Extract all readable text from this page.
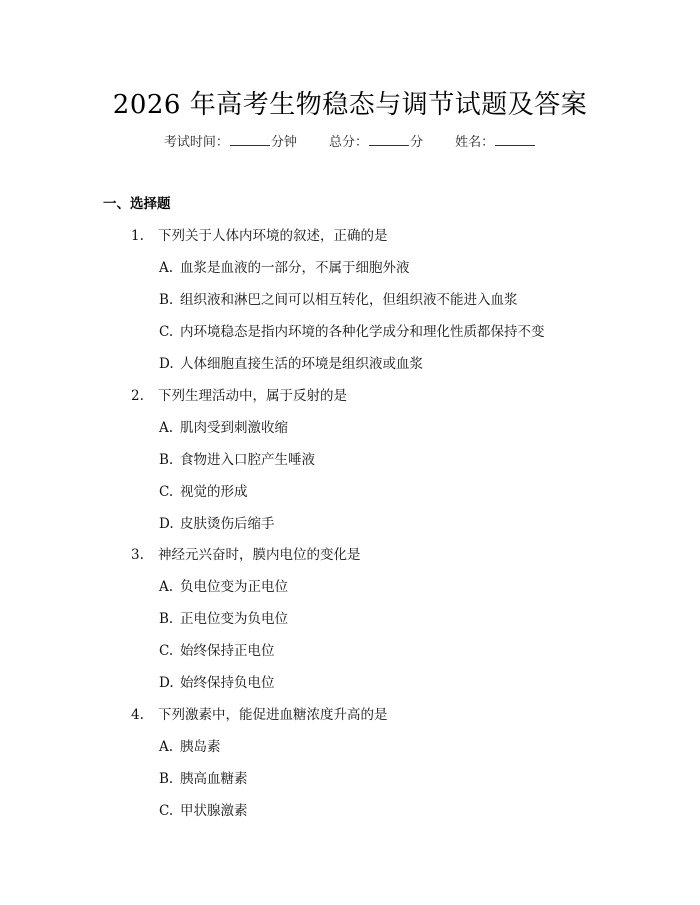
2026 年高考生物稳态与调节试题及答案
考试时间：	分钟 总分：	分 姓名：
一、选择题
1. 下列关于人体内环境的叙述，正确的是
A. 血浆是血液的一部分，不属于细胞外液
B. 组织液和淋巴之间可以相互转化，但组织液不能进入血浆
C. 内环境稳态是指内环境的各种化学成分和理化性质都保持不变
D. 人体细胞直接生活的环境是组织液或血浆
2. 下列生理活动中，属于反射的是
A. 肌肉受到刺激收缩
B. 食物进入口腔产生唾液
C. 视觉的形成
D. 皮肤烫伤后缩手
3. 神经元兴奋时，膜内电位的变化是
A. 负电位变为正电位
B. 正电位变为负电位
C. 始终保持正电位
D. 始终保持负电位
4. 下列激素中，能促进血糖浓度升高的是
A. 胰岛素
B. 胰高血糖素
C. 甲状腺激素
